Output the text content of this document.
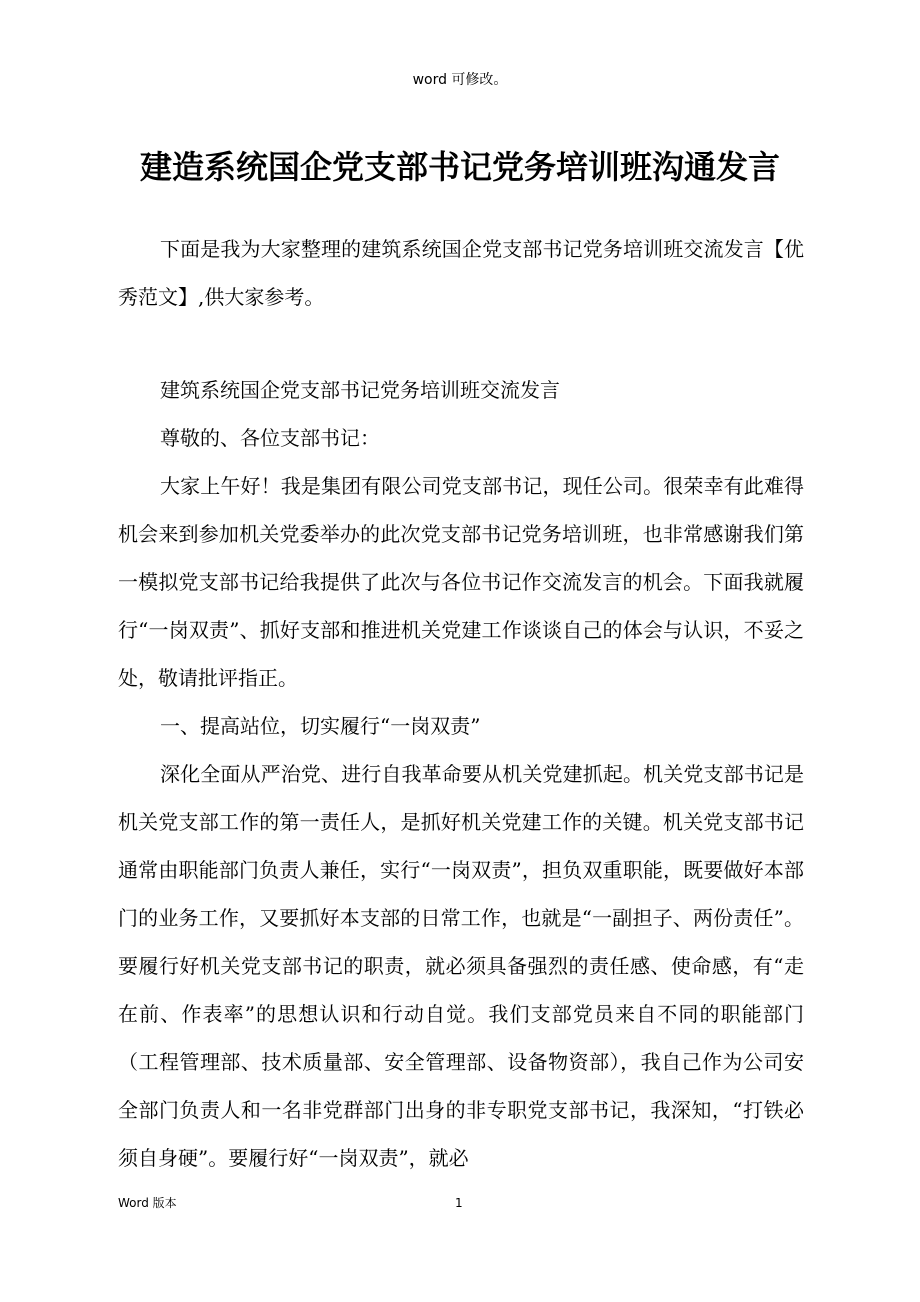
word 可修改。
建造系统国企党支部书记党务培训班沟通发言

下面是我为大家整理的建筑系统国企党支部书记党务培训班交流发言【优秀范文】,供大家参考。

建筑系统国企党支部书记党务培训班交流发言

尊敬的、各位支部书记：

大家上午好！我是集团有限公司党支部书记，现任公司。很荣幸有此难得机会来到参加机关党委举办的此次党支部书记党务培训班，也非常感谢我们第一模拟党支部书记给我提供了此次与各位书记作交流发言的机会。下面我就履行“一岗双责”、抓好支部和推进机关党建工作谈谈自己的体会与认识，不妥之处，敬请批评指正。

一、提高站位，切实履行“一岗双责”

深化全面从严治党、进行自我革命要从机关党建抓起。机关党支部书记是机关党支部工作的第一责任人，是抓好机关党建工作的关键。机关党支部书记通常由职能部门负责人兼任，实行“一岗双责”，担负双重职能，既要做好本部门的业务工作，又要抓好本支部的日常工作，也就是“一副担子、两份责任”。要履行好机关党支部书记的职责，就必须具备强烈的责任感、使命感，有“走在前、作表率”的思想认识和行动自觉。我们支部党员来自不同的职能部门（工程管理部、技术质量部、安全管理部、设备物资部），我自己作为公司安全部门负责人和一名非党群部门出身的非专职党支部书记，我深知，“打铁必须自身硬”。要履行好“一岗双责”，就必

Word 版本	1
